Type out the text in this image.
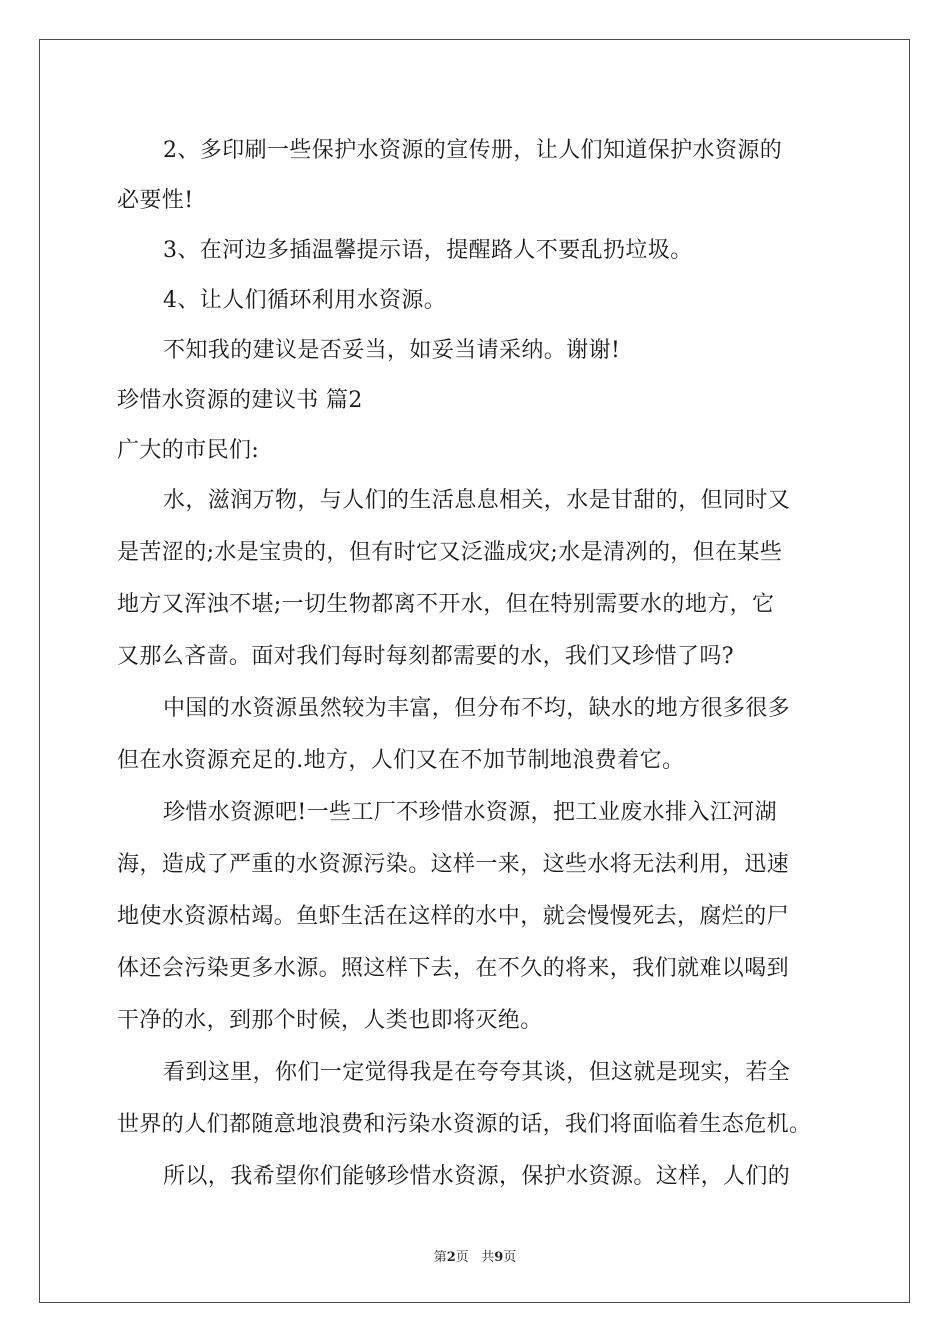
2、多印刷一些保护水资源的宣传册，让人们知道保护水资源的
必要性!
3、在河边多插温馨提示语，提醒路人不要乱扔垃圾。
4、让人们循环利用水资源。
不知我的建议是否妥当，如妥当请采纳。谢谢!
珍惜水资源的建议书 篇2
广大的市民们:
水，滋润万物，与人们的生活息息相关，水是甘甜的，但同时又
是苦涩的;水是宝贵的，但有时它又泛滥成灾;水是清冽的，但在某些
地方又浑浊不堪;一切生物都离不开水，但在特别需要水的地方，它
又那么吝啬。面对我们每时每刻都需要的水，我们又珍惜了吗?
中国的水资源虽然较为丰富，但分布不均，缺水的地方很多很多
但在水资源充足的.地方，人们又在不加节制地浪费着它。
珍惜水资源吧!一些工厂不珍惜水资源，把工业废水排入江河湖
海，造成了严重的水资源污染。这样一来，这些水将无法利用，迅速
地使水资源枯竭。鱼虾生活在这样的水中，就会慢慢死去，腐烂的尸
体还会污染更多水源。照这样下去，在不久的将来，我们就难以喝到
干净的水，到那个时候，人类也即将灭绝。
看到这里，你们一定觉得我是在夸夸其谈，但这就是现实，若全
世界的人们都随意地浪费和污染水资源的话，我们将面临着生态危机。
所以，我希望你们能够珍惜水资源，保护水资源。这样，人们的
第2页 共9页
